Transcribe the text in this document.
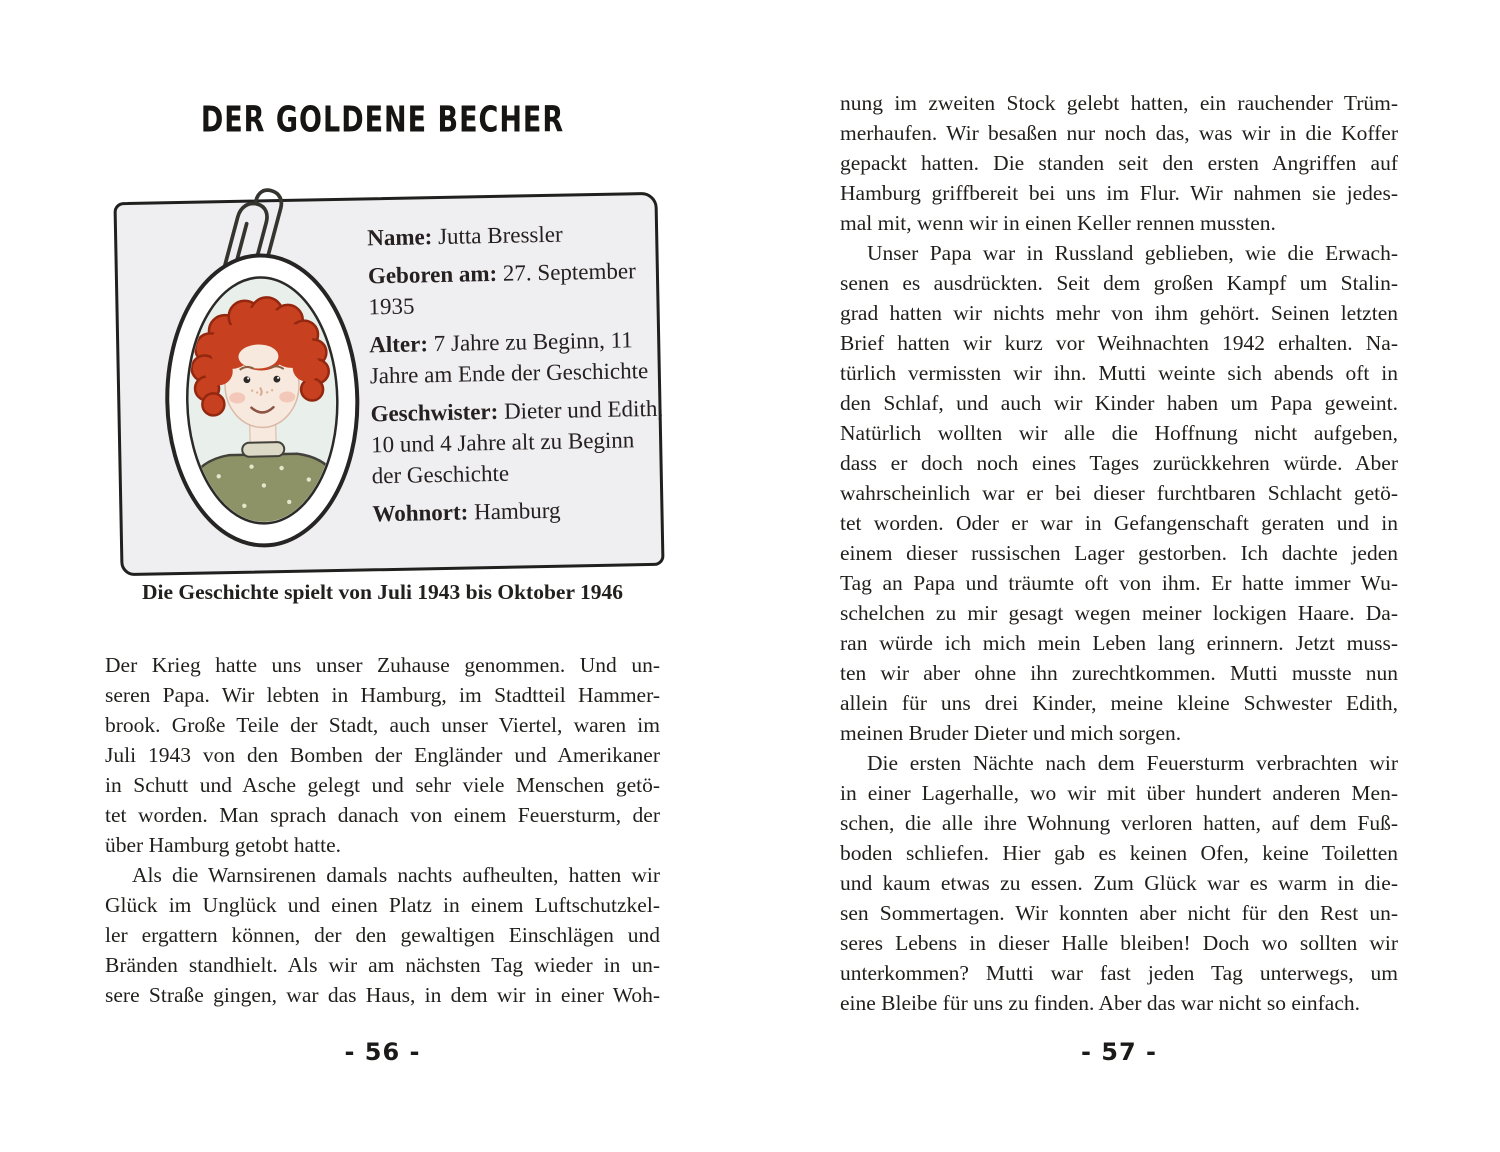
DER GOLDENE BECHER
Name: Jutta Bressler
Geboren am: 27. September 1935
Alter: 7 Jahre zu Beginn, 11 Jahre am Ende der Geschichte
Geschwister: Dieter und Edith, 10 und 4 Jahre alt zu Beginn der Geschichte
Wohnort: Hamburg
Die Geschichte spielt von Juli 1943 bis Oktober 1946
Der Krieg hatte uns unser Zuhause genommen. Und un-
seren Papa. Wir lebten in Hamburg, im Stadtteil Hammer-
brook. Große Teile der Stadt, auch unser Viertel, waren im
Juli 1943 von den Bomben der Engländer und Amerikaner
in Schutt und Asche gelegt und sehr viele Menschen getö-
tet worden. Man sprach danach von einem Feuersturm, der
über Hamburg getobt hatte.
Als die Warnsirenen damals nachts aufheulten, hatten wir
Glück im Unglück und einen Platz in einem Luftschutzkel-
ler ergattern können, der den gewaltigen Einschlägen und
Bränden standhielt. Als wir am nächsten Tag wieder in un-
sere Straße gingen, war das Haus, in dem wir in einer Woh-
- 56 -
nung im zweiten Stock gelebt hatten, ein rauchender Trüm-
merhaufen. Wir besaßen nur noch das, was wir in die Koffer
gepackt hatten. Die standen seit den ersten Angriffen auf
Hamburg griffbereit bei uns im Flur. Wir nahmen sie jedes-
mal mit, wenn wir in einen Keller rennen mussten.
Unser Papa war in Russland geblieben, wie die Erwach-
senen es ausdrückten. Seit dem großen Kampf um Stalin-
grad hatten wir nichts mehr von ihm gehört. Seinen letzten
Brief hatten wir kurz vor Weihnachten 1942 erhalten. Na-
türlich vermissten wir ihn. Mutti weinte sich abends oft in
den Schlaf, und auch wir Kinder haben um Papa geweint.
Natürlich wollten wir alle die Hoffnung nicht aufgeben,
dass er doch noch eines Tages zurückkehren würde. Aber
wahrscheinlich war er bei dieser furchtbaren Schlacht getö-
tet worden. Oder er war in Gefangenschaft geraten und in
einem dieser russischen Lager gestorben. Ich dachte jeden
Tag an Papa und träumte oft von ihm. Er hatte immer Wu-
schelchen zu mir gesagt wegen meiner lockigen Haare. Da-
ran würde ich mich mein Leben lang erinnern. Jetzt muss-
ten wir aber ohne ihn zurechtkommen. Mutti musste nun
allein für uns drei Kinder, meine kleine Schwester Edith,
meinen Bruder Dieter und mich sorgen.
Die ersten Nächte nach dem Feuersturm verbrachten wir
in einer Lagerhalle, wo wir mit über hundert anderen Men-
schen, die alle ihre Wohnung verloren hatten, auf dem Fuß-
boden schliefen. Hier gab es keinen Ofen, keine Toiletten
und kaum etwas zu essen. Zum Glück war es warm in die-
sen Sommertagen. Wir konnten aber nicht für den Rest un-
seres Lebens in dieser Halle bleiben! Doch wo sollten wir
unterkommen? Mutti war fast jeden Tag unterwegs, um
eine Bleibe für uns zu finden. Aber das war nicht so einfach.
- 57 -
